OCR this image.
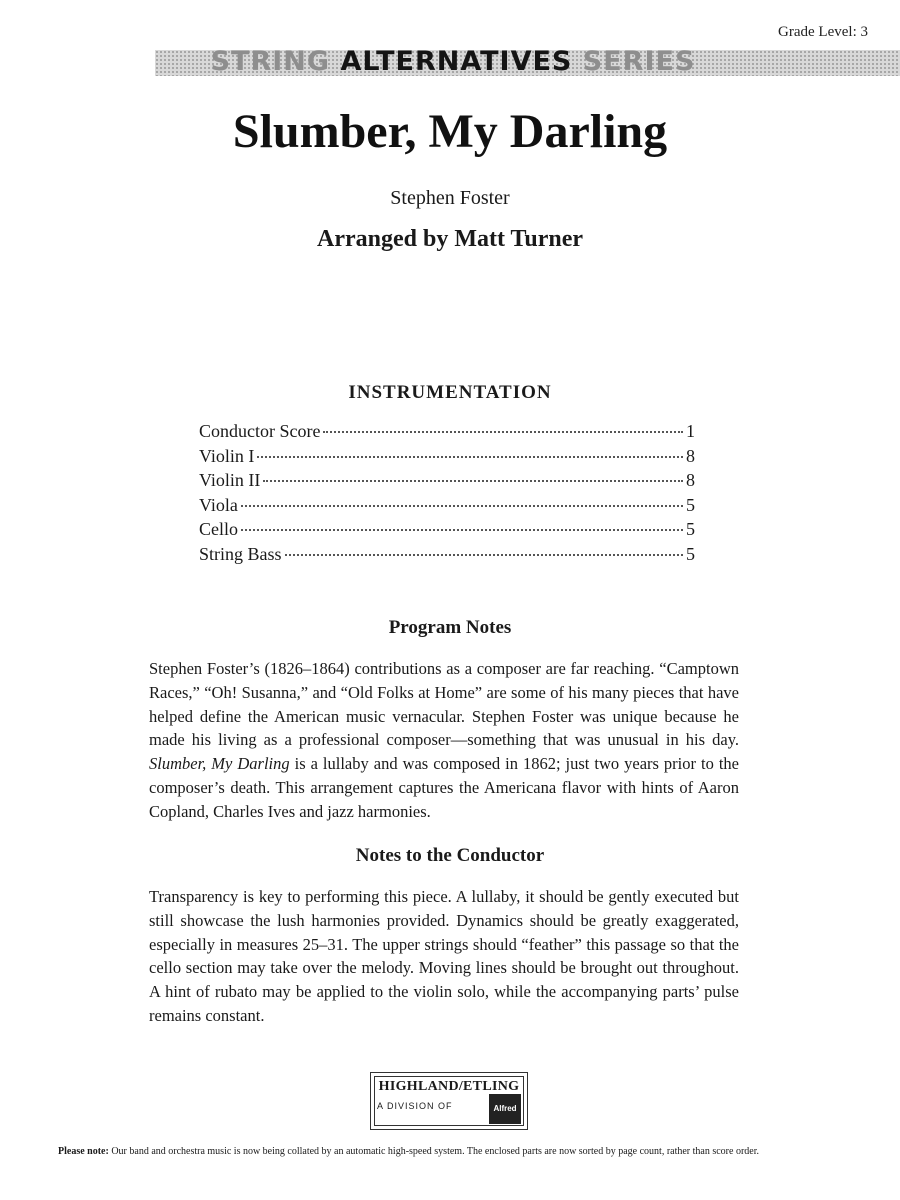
Grade Level: 3
STRING ALTERNATIVES SERIES
Slumber, My Darling
Stephen Foster
Arranged by Matt Turner
INSTRUMENTATION
Conductor Score	1
Violin I	8
Violin II	8
Viola	5
Cello	5
String Bass	5
Program Notes

Stephen Foster’s (1826–1864) contributions as a composer are far reaching. “Camptown Races,” “Oh! Susanna,” and “Old Folks at Home” are some of his many pieces that have helped define the American music vernacular. Stephen Foster was unique because he made his living as a professional composer—something that was unusual in his day. Slumber, My Darling is a lullaby and was composed in 1862; just two years prior to the composer’s death. This arrangement captures the Americana flavor with hints of Aaron Copland, Charles Ives and jazz harmonies.

Notes to the Conductor

Transparency is key to performing this piece. A lullaby, it should be gently executed but still showcase the lush harmonies provided. Dynamics should be greatly exaggerated, especially in measures 25–31. The upper strings should “feather” this passage so that the cello section may take over the melody. Moving lines should be brought out throughout. A hint of rubato may be applied to the violin solo, while the accompanying parts’ pulse remains constant.

HIGHLAND/ETLING
A DIVISION OF	Alfred
Please note: Our band and orchestra music is now being collated by an automatic high-speed system. The enclosed parts are now sorted by page count, rather than score order.
